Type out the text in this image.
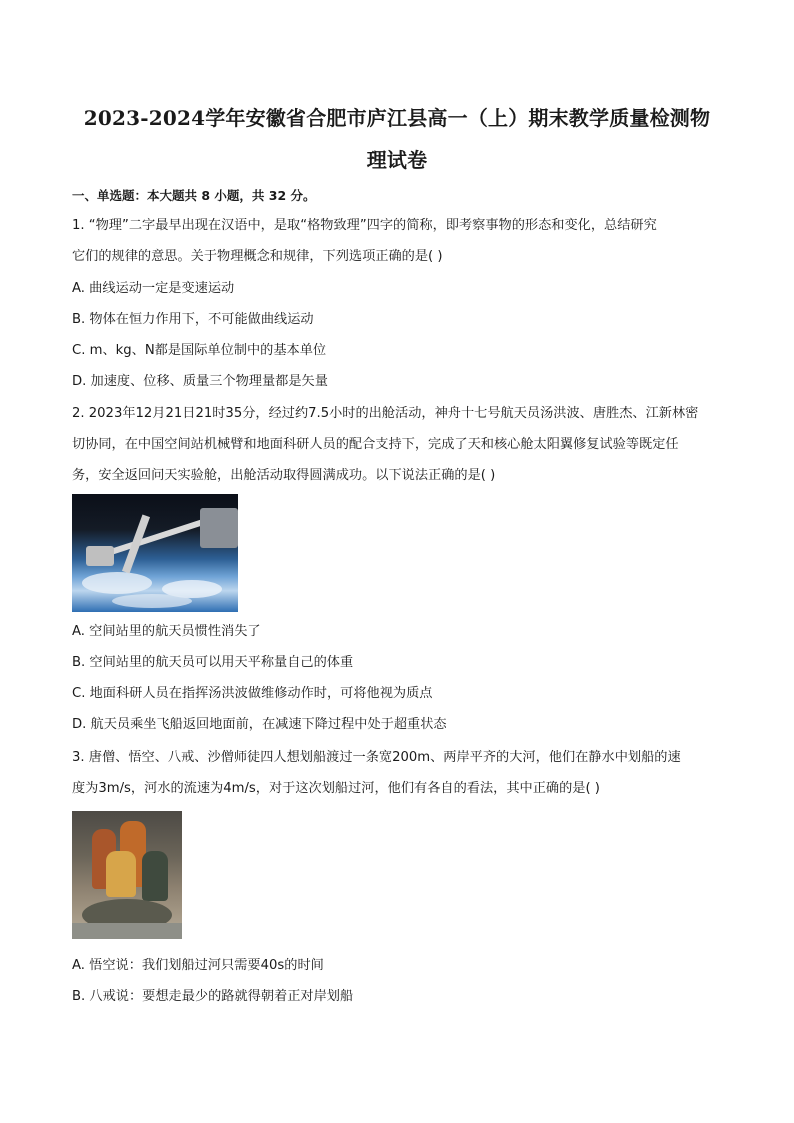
2023-2024学年安徽省合肥市庐江县高一（上）期末教学质量检测物
理试卷
一、单选题：本大题共 8 小题，共 32 分。
1. “物理”二字最早出现在汉语中，是取“格物致理”四字的简称，即考察事物的形态和变化，总结研究
它们的规律的意思。关于物理概念和规律，下列选项正确的是( )
A. 曲线运动一定是变速运动
B. 物体在恒力作用下，不可能做曲线运动
C. m、kg、N都是国际单位制中的基本单位
D. 加速度、位移、质量三个物理量都是矢量
2. 2023年12月21日21时35分，经过约7.5小时的出舱活动，神舟十七号航天员汤洪波、唐胜杰、江新林密
切协同，在中国空间站机械臂和地面科研人员的配合支持下，完成了天和核心舱太阳翼修复试验等既定任
务，安全返回问天实验舱，出舱活动取得圆满成功。以下说法正确的是( )
A. 空间站里的航天员惯性消失了
B. 空间站里的航天员可以用天平称量自己的体重
C. 地面科研人员在指挥汤洪波做维修动作时，可将他视为质点
D. 航天员乘坐飞船返回地面前，在减速下降过程中处于超重状态
3. 唐僧、悟空、八戒、沙僧师徒四人想划船渡过一条宽200m、两岸平齐的大河，他们在静水中划船的速
度为3m/s，河水的流速为4m/s，对于这次划船过河，他们有各自的看法，其中正确的是( )
A. 悟空说：我们划船过河只需要40s的时间
B. 八戒说：要想走最少的路就得朝着正对岸划船
